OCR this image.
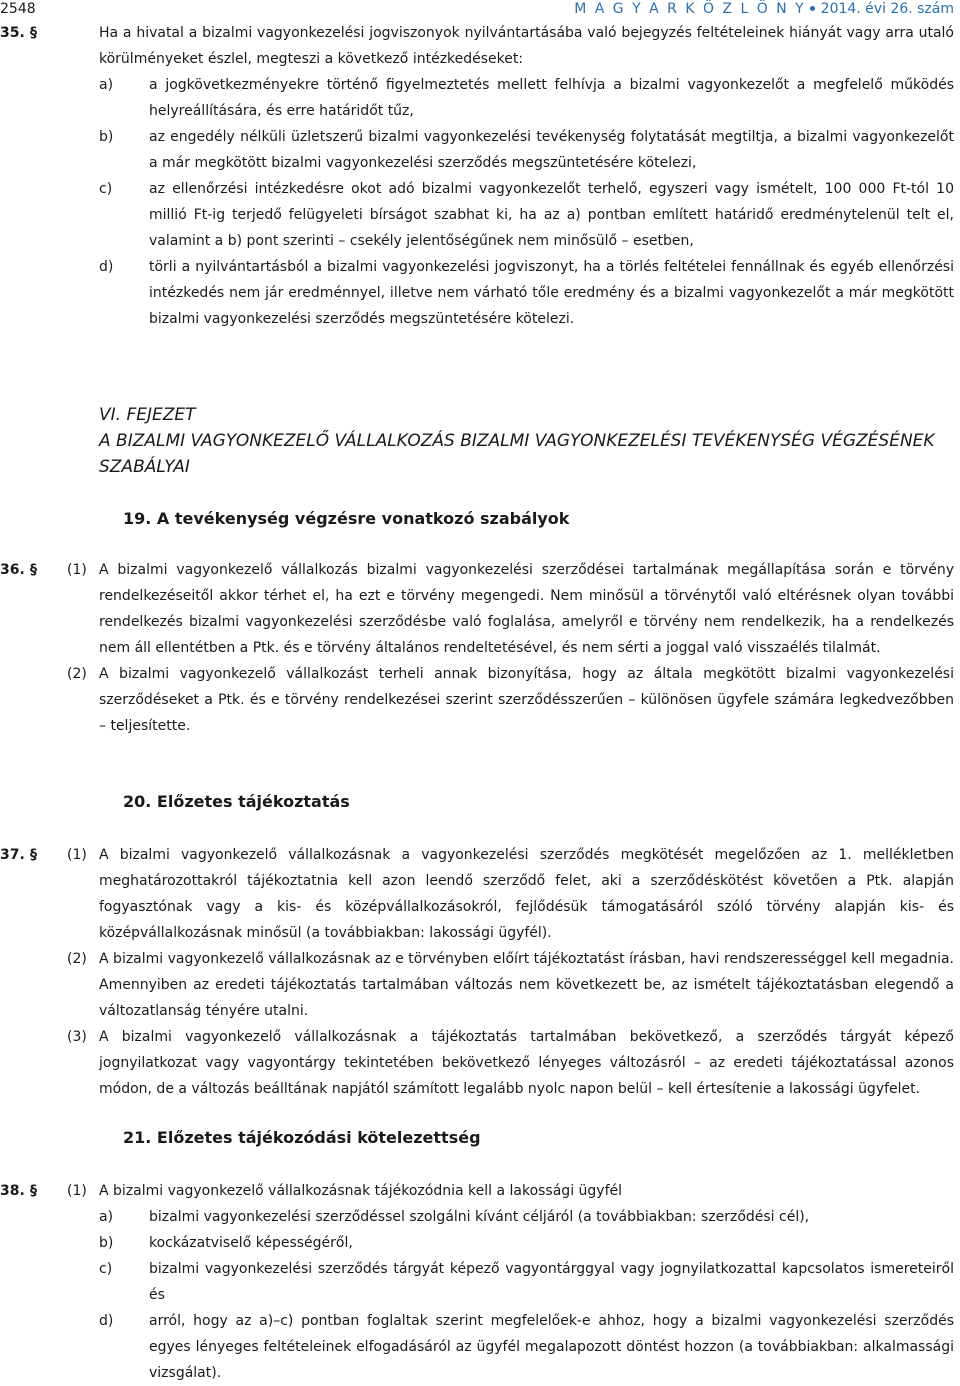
2548	M A G Y A R K Ö Z L Ö N Y 2014. évi 26. szám
35. §	Ha a hivatal a bizalmi vagyonkezelési jogviszonyok nyilvántartásába való bejegyzés feltételeinek hiányát vagy arra utaló körülményeket észlel, megteszi a következő intézkedéseket:
a)	a jogkövetkezményekre történő figyelmeztetés mellett felhívja a bizalmi vagyonkezelőt a megfelelő működés helyreállítására, és erre határidőt tűz,
b)	az engedély nélküli üzletszerű bizalmi vagyonkezelési tevékenység folytatását megtiltja, a bizalmi vagyonkezelőt a már megkötött bizalmi vagyonkezelési szerződés megszüntetésére kötelezi,
c)	az ellenőrzési intézkedésre okot adó bizalmi vagyonkezelőt terhelő, egyszeri vagy ismételt, 100 000 Ft-tól 10 millió Ft-ig terjedő felügyeleti bírságot szabhat ki, ha az a) pontban említett határidő eredménytelenül telt el, valamint a b) pont szerinti – csekély jelentőségűnek nem minősülő – esetben,
d)	törli a nyilvántartásból a bizalmi vagyonkezelési jogviszonyt, ha a törlés feltételei fennállnak és egyéb ellenőrzési intézkedés nem jár eredménnyel, illetve nem várható tőle eredmény és a bizalmi vagyonkezelőt a már megkötött bizalmi vagyonkezelési szerződés megszüntetésére kötelezi.
VI. FEJEZET
A BIZALMI VAGYONKEZELŐ VÁLLALKOZÁS BIZALMI VAGYONKEZELÉSI TEVÉKENYSÉG VÉGZÉSÉNEK SZABÁLYAI
19. A tevékenység végzésre vonatkozó szabályok
36. § (1) A bizalmi vagyonkezelő vállalkozás bizalmi vagyonkezelési szerződései tartalmának megállapítása során e törvény rendelkezéseitől akkor térhet el, ha ezt e törvény megengedi. Nem minősül a törvénytől való eltérésnek olyan további rendelkezés bizalmi vagyonkezelési szerződésbe való foglalása, amelyről e törvény nem rendelkezik, ha a rendelkezés nem áll ellentétben a Ptk. és e törvény általános rendeltetésével, és nem sérti a joggal való visszaélés tilalmát.
(2) A bizalmi vagyonkezelő vállalkozást terheli annak bizonyítása, hogy az általa megkötött bizalmi vagyonkezelési szerződéseket a Ptk. és e törvény rendelkezései szerint szerződésszerűen – különösen ügyfele számára legkedvezőbben – teljesítette.
20. Előzetes tájékoztatás
37. § (1) A bizalmi vagyonkezelő vállalkozásnak a vagyonkezelési szerződés megkötését megelőzően az 1. mellékletben meghatározottakról tájékoztatnia kell azon leendő szerződő felet, aki a szerződéskötést követően a Ptk. alapján fogyasztónak vagy a kis- és középvállalkozásokról, fejlődésük támogatásáról szóló törvény alapján kis- és középvállalkozásnak minősül (a továbbiakban: lakossági ügyfél).
(2) A bizalmi vagyonkezelő vállalkozásnak az e törvényben előírt tájékoztatást írásban, havi rendszerességgel kell megadnia. Amennyiben az eredeti tájékoztatás tartalmában változás nem következett be, az ismételt tájékoztatásban elegendő a változatlanság tényére utalni.
(3) A bizalmi vagyonkezelő vállalkozásnak a tájékoztatás tartalmában bekövetkező, a szerződés tárgyát képező jognyilatkozat vagy vagyontárgy tekintetében bekövetkező lényeges változásról – az eredeti tájékoztatással azonos módon, de a változás beálltának napjától számított legalább nyolc napon belül – kell értesítenie a lakossági ügyfelet.
21. Előzetes tájékozódási kötelezettség
38. § (1) A bizalmi vagyonkezelő vállalkozásnak tájékozódnia kell a lakossági ügyfél
a)	bizalmi vagyonkezelési szerződéssel szolgálni kívánt céljáról (a továbbiakban: szerződési cél),
b)	kockázatviselő képességéről,
c)	bizalmi vagyonkezelési szerződés tárgyát képező vagyontárggyal vagy jognyilatkozattal kapcsolatos ismereteiről és
d)	arról, hogy az a)–c) pontban foglaltak szerint megfelelőek-e ahhoz, hogy a bizalmi vagyonkezelési szerződés egyes lényeges feltételeinek elfogadásáról az ügyfél megalapozott döntést hozzon (a továbbiakban: alkalmassági vizsgálat).
